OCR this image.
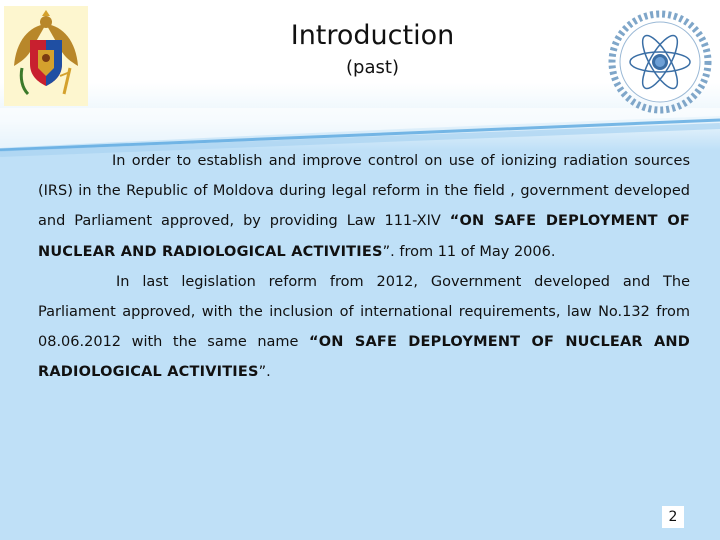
Introduction
(past)

In order to establish and improve control on use of ionizing radiation sources (IRS) in the Republic of Moldova during legal reform in the field , government developed and Parliament approved, by providing Law 111-XIV “ON SAFE DEPLOYMENT OF NUCLEAR AND RADIOLOGICAL ACTIVITIES”. from 11 of May 2006.

In last legislation reform from 2012, Government developed and The Parliament approved, with the inclusion of international requirements, law No.132 from 08.06.2012 with the same name “ON SAFE DEPLOYMENT OF NUCLEAR AND RADIOLOGICAL ACTIVITIES”.

2
